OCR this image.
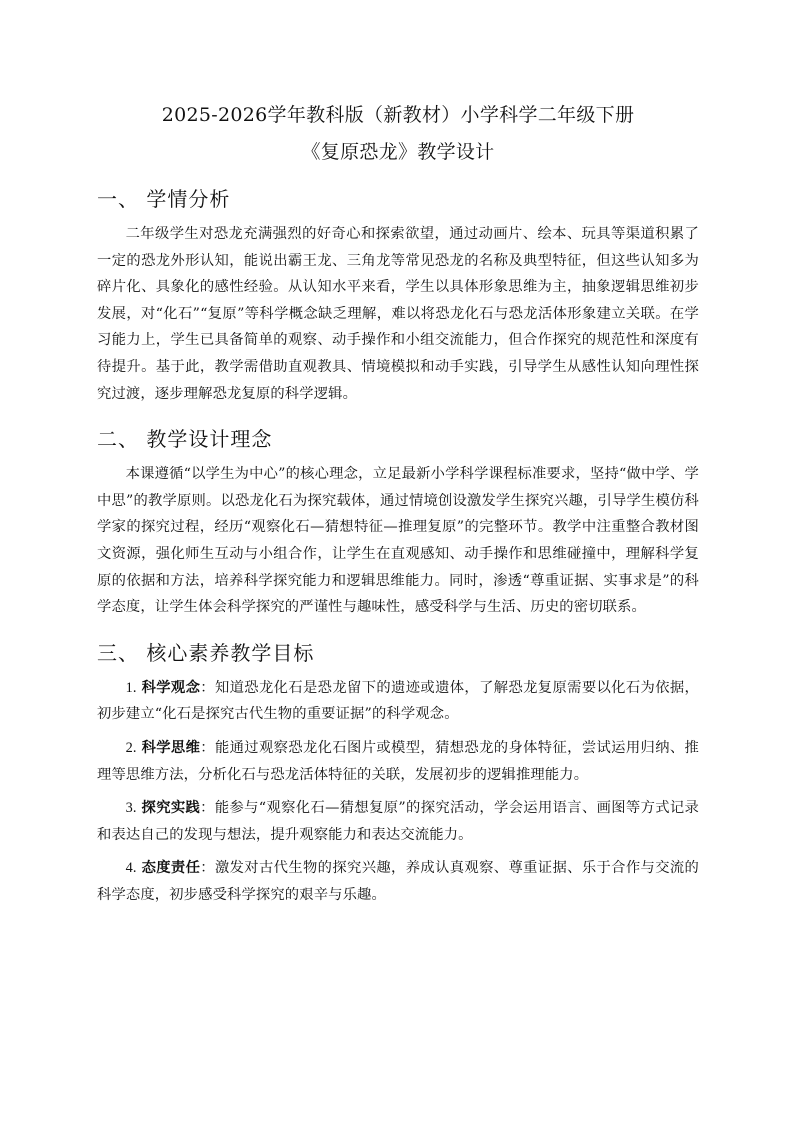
2025-2026学年教科版（新教材）小学科学二年级下册
《复原恐龙》教学设计
一、 学情分析

二年级学生对恐龙充满强烈的好奇心和探索欲望，通过动画片、绘本、玩具等渠道积累了一定的恐龙外形认知，能说出霸王龙、三角龙等常见恐龙的名称及典型特征，但这些认知多为碎片化、具象化的感性经验。从认知水平来看，学生以具体形象思维为主，抽象逻辑思维初步发展，对“化石”“复原”等科学概念缺乏理解，难以将恐龙化石与恐龙活体形象建立关联。在学习能力上，学生已具备简单的观察、动手操作和小组交流能力，但合作探究的规范性和深度有待提升。基于此，教学需借助直观教具、情境模拟和动手实践，引导学生从感性认知向理性探究过渡，逐步理解恐龙复原的科学逻辑。

二、 教学设计理念

本课遵循“以学生为中心”的核心理念，立足最新小学科学课程标准要求，坚持“做中学、学中思”的教学原则。以恐龙化石为探究载体，通过情境创设激发学生探究兴趣，引导学生模仿科学家的探究过程，经历“观察化石—猜想特征—推理复原”的完整环节。教学中注重整合教材图文资源，强化师生互动与小组合作，让学生在直观感知、动手操作和思维碰撞中，理解科学复原的依据和方法，培养科学探究能力和逻辑思维能力。同时，渗透“尊重证据、实事求是”的科学态度，让学生体会科学探究的严谨性与趣味性，感受科学与生活、历史的密切联系。

三、 核心素养教学目标

1. 科学观念：知道恐龙化石是恐龙留下的遗迹或遗体，了解恐龙复原需要以化石为依据，初步建立“化石是探究古代生物的重要证据”的科学观念。

2. 科学思维：能通过观察恐龙化石图片或模型，猜想恐龙的身体特征，尝试运用归纳、推理等思维方法，分析化石与恐龙活体特征的关联，发展初步的逻辑推理能力。

3. 探究实践：能参与“观察化石—猜想复原”的探究活动，学会运用语言、画图等方式记录和表达自己的发现与想法，提升观察能力和表达交流能力。

4. 态度责任：激发对古代生物的探究兴趣，养成认真观察、尊重证据、乐于合作与交流的科学态度，初步感受科学探究的艰辛与乐趣。
